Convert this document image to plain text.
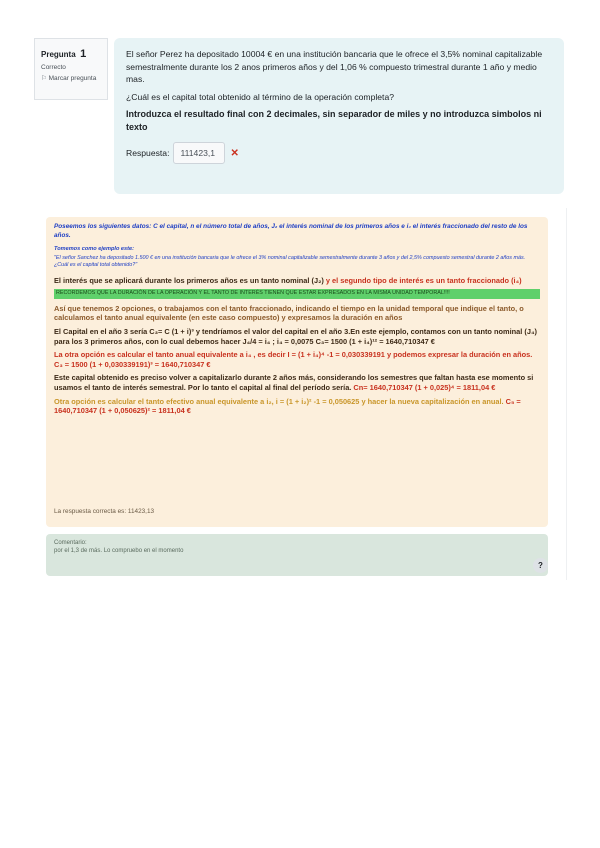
Pregunta 1
Correcto
⚐ Marcar pregunta

El señor Perez ha depositado 10004 € en una institución bancaria que le ofrece el 3,5% nominal capitalizable semestralmente durante los 2 anos primeros años y del 1,06 % compuesto trimestral durante 1 año y medio mas.

¿Cuál es el capital total obtenido al término de la operación completa?

Introduzca el resultado final con 2 decimales, sin separador de miles y no introduzca simbolos ni texto

Respuesta:	111423,1	✕

Poseemos los siguientes datos: C el capital, n el número total de años, J₂ el interés nominal de los primeros años e i₄ el interés fraccionado del resto de los años.

Tomemos como ejemplo este:

"El señor Sanchez ha depositado 1.500 € en una institución bancaria que le ofrece el 3% nominal capitalizable semestralmente durante 3 años y del 2,5% compuesto semestral durante 2 años más. ¿Cuál es el capital total obtenido?"

El interés que se aplicará durante los primeros años es un tanto nominal (J₂) y el segundo tipo de interés es un tanto fraccionado (i₄)

RECORDEMOS QUE LA DURACIÓN DE LA OPERACIÓN Y EL TANTO DE INTERÉS TIENEN QUE ESTAR EXPRESADOS EN LA MISMA UNIDAD TEMPORAL!!!!

Así que tenemos 2 opciones, o trabajamos con el tanto fraccionado, indicando el tiempo en la unidad temporal que indique el tanto, o calculamos el tanto anual equivalente (en este caso compuesto) y expresamos la duración en años

El Capital en el año 3 sería C₃= C (1 + i)³ y tendríamos el valor del capital en el año 3.En este ejemplo, contamos con un tanto nominal (J₄) para los 3 primeros años, con lo cual debemos hacer J₄/4 = i₄ ; i₄ = 0,0075 C₃= 1500 (1 + i₄)¹² = 1640,710347 €

La otra opción es calcular el tanto anual equivalente a i₄ , es decir I = (1 + i₄)⁴ -1 = 0,030339191 y podemos expresar la duración en años. C₃ = 1500 (1 + 0,030339191)³ = 1640,710347 €

Este capital obtenido es preciso volver a capitalizarlo durante 2 años más, considerando los semestres que faltan hasta ese momento si usamos el tanto de interés semestral. Por lo tanto el capital al final del período sería. Cn= 1640,710347 (1 + 0,025)⁴ = 1811,04 €

Otra opción es calcular el tanto efectivo anual equivalente a i₂, i = (1 + i₂)² -1 = 0,050625 y hacer la nueva capitalización en anual. C₅ = 1640,710347 (1 + 0,050625)² = 1811,04 €

La respuesta correcta es: 11423,13
Comentario:
por el 1,3 de más. Lo compruebo en el momento
?
